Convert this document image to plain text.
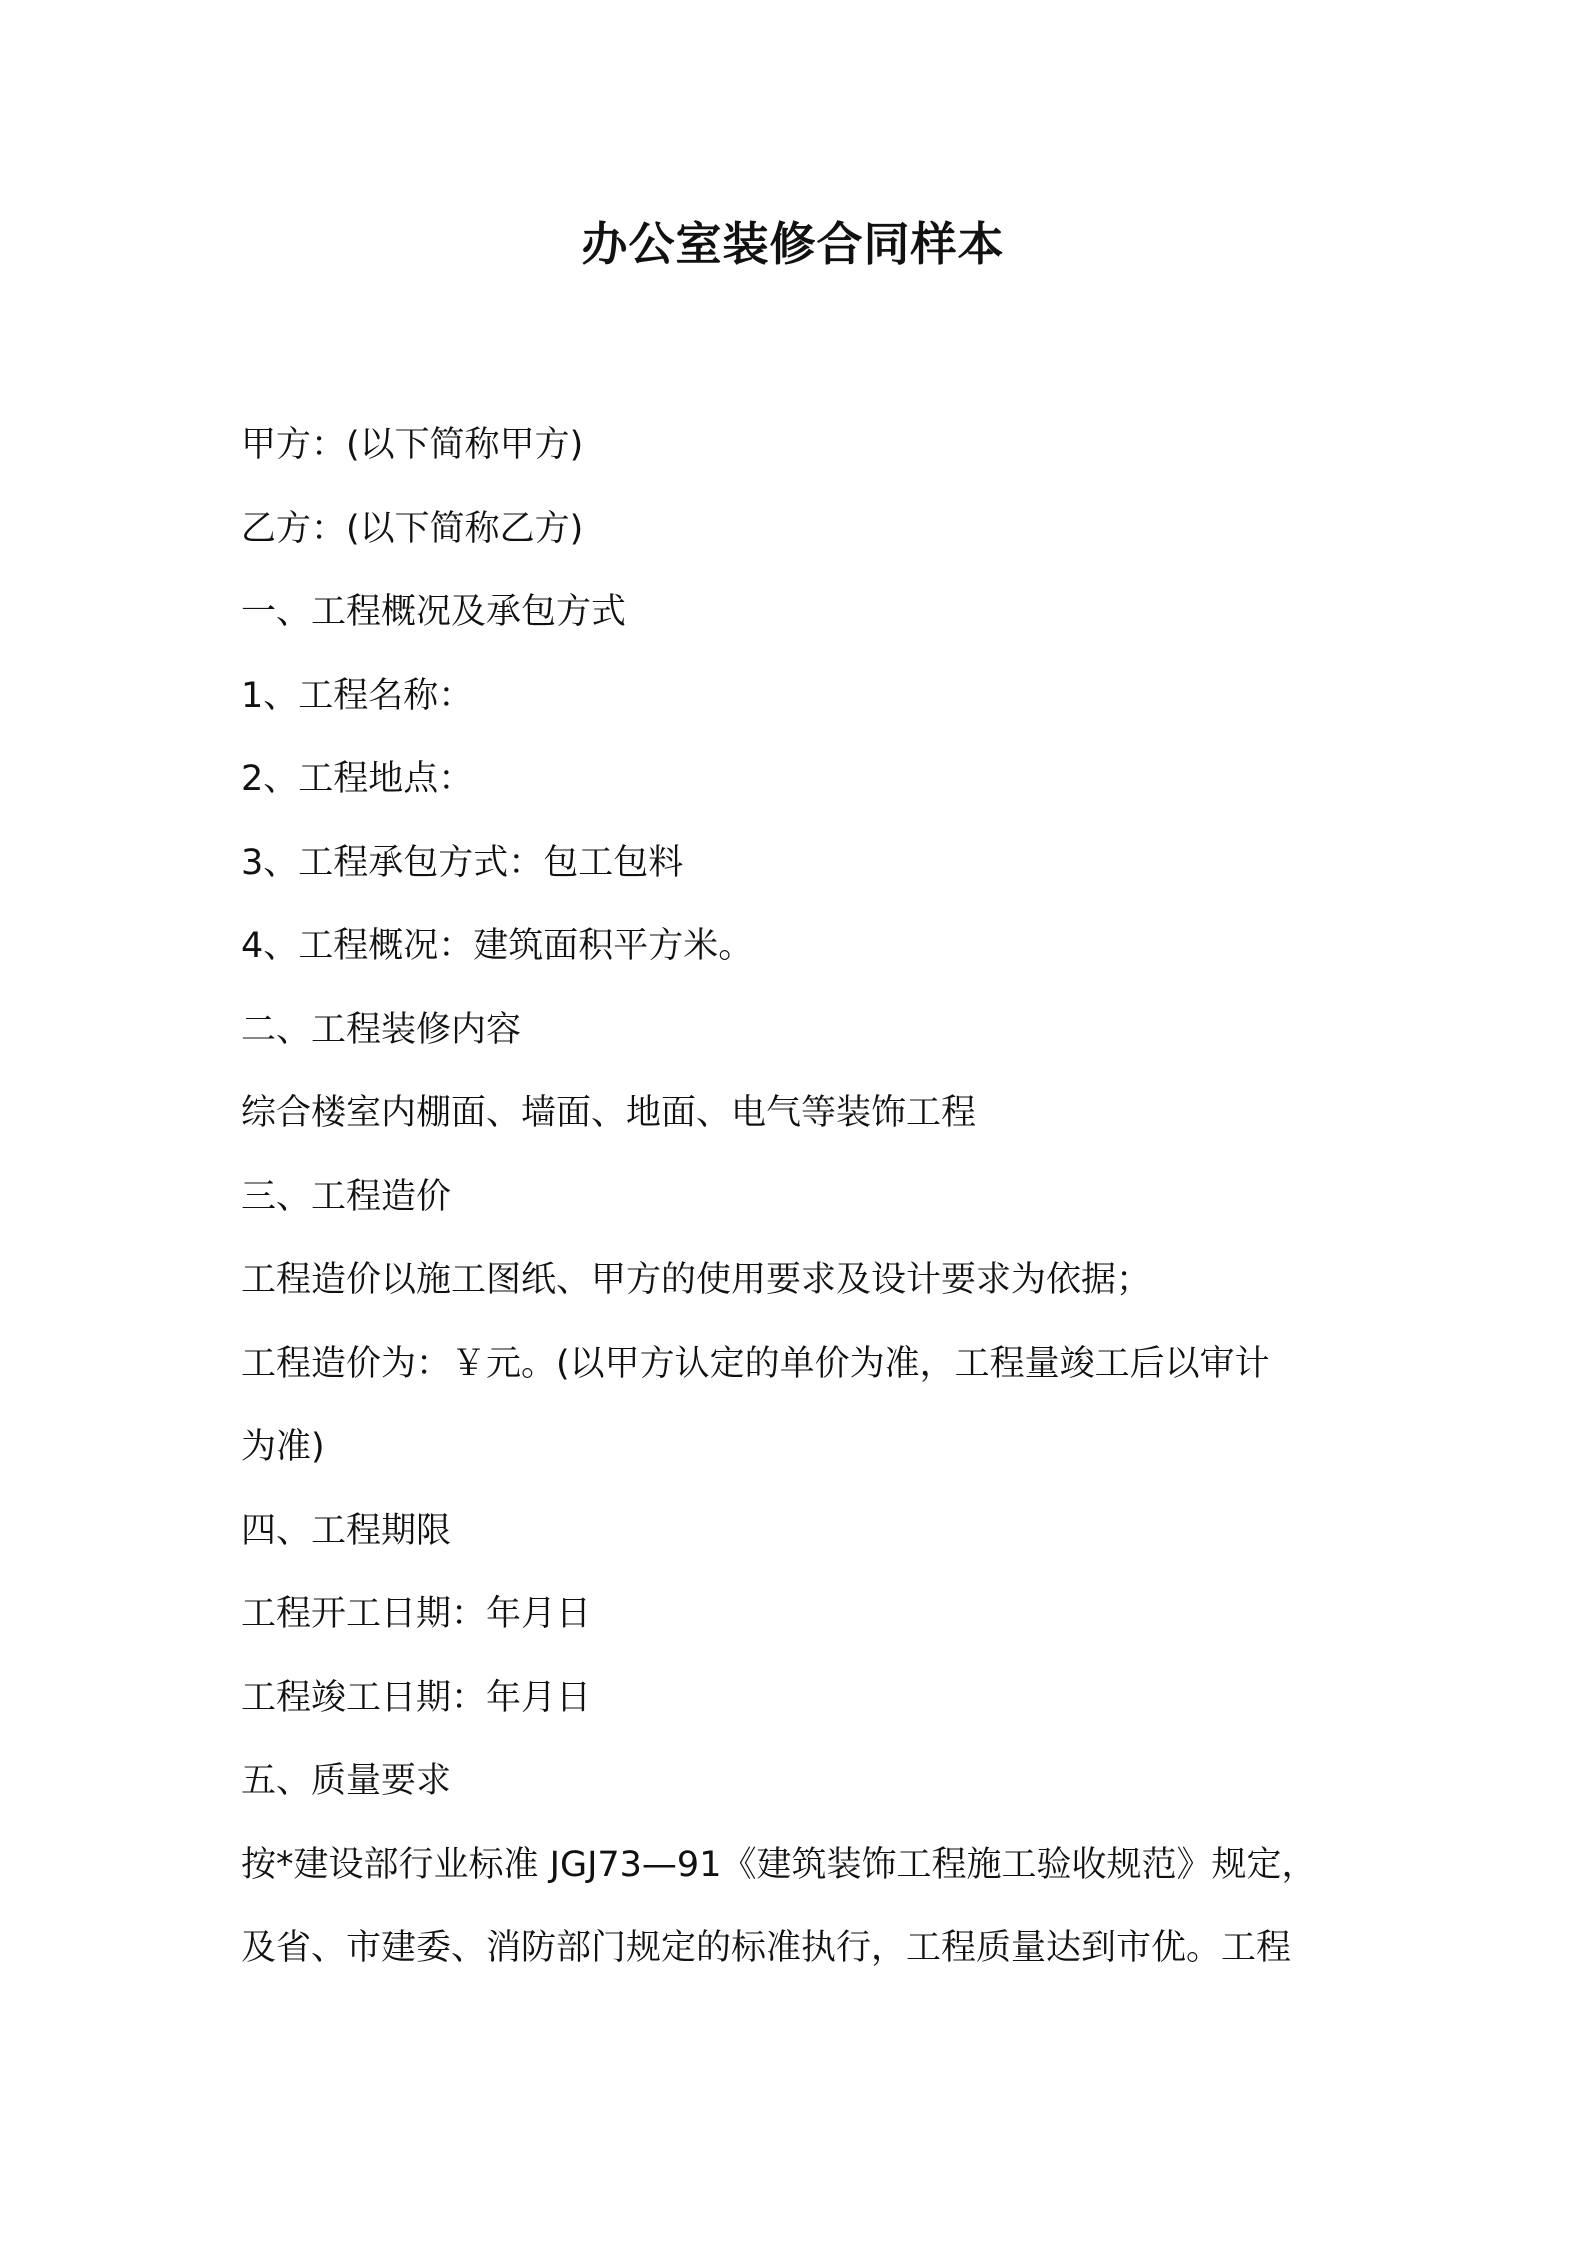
办公室装修合同样本
甲方：(以下简称甲方)
乙方：(以下简称乙方)
一、工程概况及承包方式
1、工程名称：
2、工程地点：
3、工程承包方式：包工包料
4、工程概况：建筑面积平方米。
二、工程装修内容
综合楼室内棚面、墙面、地面、电气等装饰工程
三、工程造价
工程造价以施工图纸、甲方的使用要求及设计要求为依据；
工程造价为：￥元。(以甲方认定的单价为准，工程量竣工后以审计
为准)
四、工程期限
工程开工日期：年月日
工程竣工日期：年月日
五、质量要求
按*建设部行业标准 JGJ73—91《建筑装饰工程施工验收规范》规定，
及省、市建委、消防部门规定的标准执行，工程质量达到市优。工程
